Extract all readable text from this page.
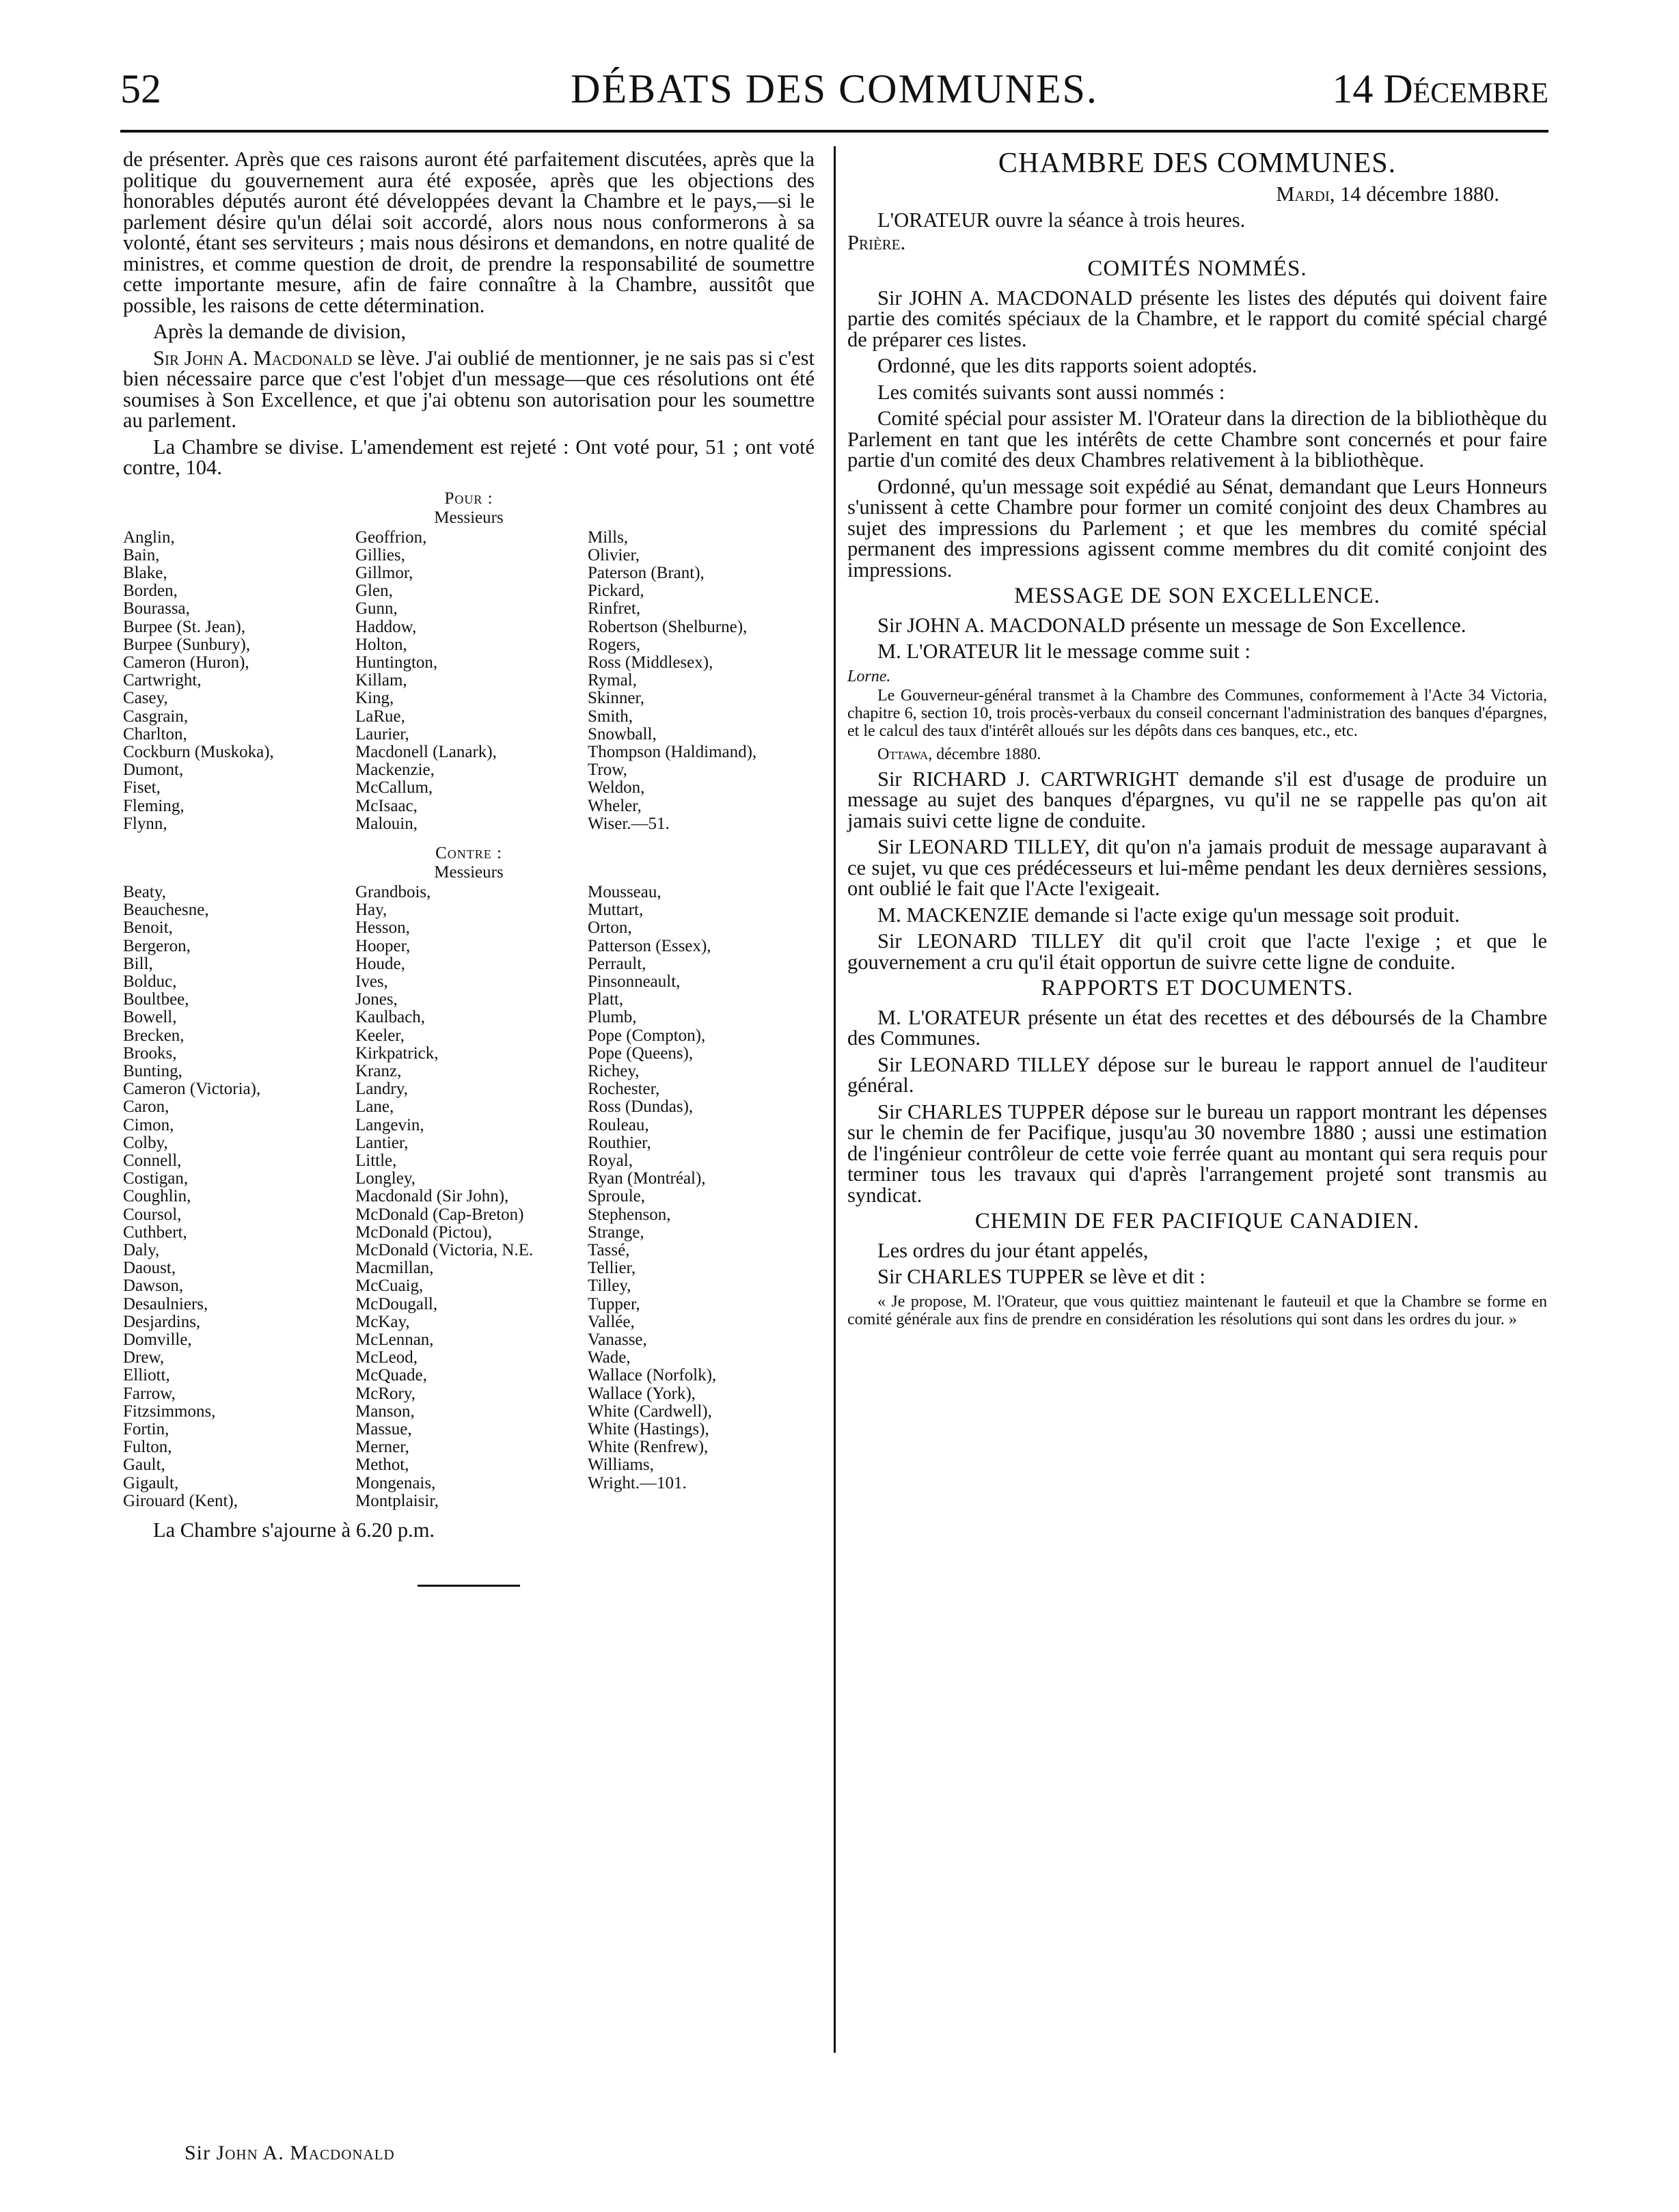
52	DÉBATS DES COMMUNES.	14 Décembre

de présenter. Après que ces raisons auront été parfaitement discutées, après que la politique du gouvernement aura été exposée, après que les objections des honorables députés auront été développées devant la Chambre et le pays,—si le parlement désire qu'un délai soit accordé, alors nous nous conformerons à sa volonté, étant ses serviteurs ; mais nous désirons et demandons, en notre qualité de ministres, et comme question de droit, de prendre la responsabilité de soumettre cette importante mesure, afin de faire connaître à la Chambre, aussitôt que possible, les raisons de cette détermination.

Après la demande de division,

Sir John A. Macdonald se lève. J'ai oublié de mentionner, je ne sais pas si c'est bien nécessaire parce que c'est l'objet d'un message—que ces résolutions ont été soumises à Son Excellence, et que j'ai obtenu son autorisation pour les soumettre au parlement.

La Chambre se divise. L'amendement est rejeté : Ont voté pour, 51 ; ont voté contre, 104.

Pour :
Messieurs
Anglin,	Geoffrion,	Mills,
Bain,	Gillies,	Olivier,
Blake,	Gillmor,	Paterson (Brant),
Borden,	Glen,	Pickard,
Bourassa,	Gunn,	Rinfret,
Burpee (St. Jean),	Haddow,	Robertson (Shelburne),
Burpee (Sunbury),	Holton,	Rogers,
Cameron (Huron),	Huntington,	Ross (Middlesex),
Cartwright,	Killam,	Rymal,
Casey,	King,	Skinner,
Casgrain,	LaRue,	Smith,
Charlton,	Laurier,	Snowball,
Cockburn (Muskoka),	Macdonell (Lanark),	Thompson (Haldimand),
Dumont,	Mackenzie,	Trow,
Fiset,	McCallum,	Weldon,
Fleming,	McIsaac,	Wheler,
Flynn,	Malouin,	Wiser.—51.
Contre :
Messieurs
Beaty,	Grandbois,	Mousseau,
Beauchesne,	Hay,	Muttart,
Benoit,	Hesson,	Orton,
Bergeron,	Hooper,	Patterson (Essex),
Bill,	Houde,	Perrault,
Bolduc,	Ives,	Pinsonneault,
Boultbee,	Jones,	Platt,
Bowell,	Kaulbach,	Plumb,
Brecken,	Keeler,	Pope (Compton),
Brooks,	Kirkpatrick,	Pope (Queens),
Bunting,	Kranz,	Richey,
Cameron (Victoria),	Landry,	Rochester,
Caron,	Lane,	Ross (Dundas),
Cimon,	Langevin,	Rouleau,
Colby,	Lantier,	Routhier,
Connell,	Little,	Royal,
Costigan,	Longley,	Ryan (Montréal),
Coughlin,	Macdonald (Sir John),	Sproule,
Coursol,	McDonald (Cap-Breton)	Stephenson,
Cuthbert,	McDonald (Pictou),	Strange,
Daly,	McDonald (Victoria, N.E.	Tassé,
Daoust,	Macmillan,	Tellier,
Dawson,	McCuaig,	Tilley,
Desaulniers,	McDougall,	Tupper,
Desjardins,	McKay,	Vallée,
Domville,	McLennan,	Vanasse,
Drew,	McLeod,	Wade,
Elliott,	McQuade,	Wallace (Norfolk),
Farrow,	McRory,	Wallace (York),
Fitzsimmons,	Manson,	White (Cardwell),
Fortin,	Massue,	White (Hastings),
Fulton,	Merner,	White (Renfrew),
Gault,	Methot,	Williams,
Gigault,	Mongenais,	Wright.—101.
Girouard (Kent),	Montplaisir,

La Chambre s'ajourne à 6.20 p.m.

Sir John A. Macdonald
CHAMBRE DES COMMUNES.

Mardi, 14 décembre 1880.

L'ORATEUR ouvre la séance à trois heures.

Prière.

COMITÉS NOMMÉS.

Sir JOHN A. MACDONALD présente les listes des députés qui doivent faire partie des comités spéciaux de la Chambre, et le rapport du comité spécial chargé de préparer ces listes.

Ordonné, que les dits rapports soient adoptés.

Les comités suivants sont aussi nommés :

Comité spécial pour assister M. l'Orateur dans la direction de la bibliothèque du Parlement en tant que les intérêts de cette Chambre sont concernés et pour faire partie d'un comité des deux Chambres relativement à la bibliothèque.

Ordonné, qu'un message soit expédié au Sénat, demandant que Leurs Honneurs s'unissent à cette Chambre pour former un comité conjoint des deux Chambres au sujet des impressions du Parlement ; et que les membres du comité spécial permanent des impressions agissent comme membres du dit comité conjoint des impressions.

MESSAGE DE SON EXCELLENCE.

Sir JOHN A. MACDONALD présente un message de Son Excellence.

M. L'ORATEUR lit le message comme suit :

Lorne.

Le Gouverneur-général transmet à la Chambre des Communes, conformement à l'Acte 34 Victoria, chapitre 6, section 10, trois procès-verbaux du conseil concernant l'administration des banques d'épargnes, et le calcul des taux d'intérêt alloués sur les dépôts dans ces banques, etc., etc.

Ottawa, décembre 1880.

Sir RICHARD J. CARTWRIGHT demande s'il est d'usage de produire un message au sujet des banques d'épargnes, vu qu'il ne se rappelle pas qu'on ait jamais suivi cette ligne de conduite.

Sir LEONARD TILLEY, dit qu'on n'a jamais produit de message auparavant à ce sujet, vu que ces prédécesseurs et lui-même pendant les deux dernières sessions, ont oublié le fait que l'Acte l'exigeait.

M. MACKENZIE demande si l'acte exige qu'un message soit produit.

Sir LEONARD TILLEY dit qu'il croit que l'acte l'exige ; et que le gouvernement a cru qu'il était opportun de suivre cette ligne de conduite.

RAPPORTS ET DOCUMENTS.

M. L'ORATEUR présente un état des recettes et des déboursés de la Chambre des Communes.

Sir LEONARD TILLEY dépose sur le bureau le rapport annuel de l'auditeur général.

Sir CHARLES TUPPER dépose sur le bureau un rapport montrant les dépenses sur le chemin de fer Pacifique, jusqu'au 30 novembre 1880 ; aussi une estimation de l'ingénieur contrôleur de cette voie ferrée quant au montant qui sera requis pour terminer tous les travaux qui d'après l'arrangement projeté sont transmis au syndicat.

CHEMIN DE FER PACIFIQUE CANADIEN.

Les ordres du jour étant appelés,

Sir CHARLES TUPPER se lève et dit :

« Je propose, M. l'Orateur, que vous quittiez maintenant le fauteuil et que la Chambre se forme en comité générale aux fins de prendre en considération les résolutions qui sont dans les ordres du jour. »
